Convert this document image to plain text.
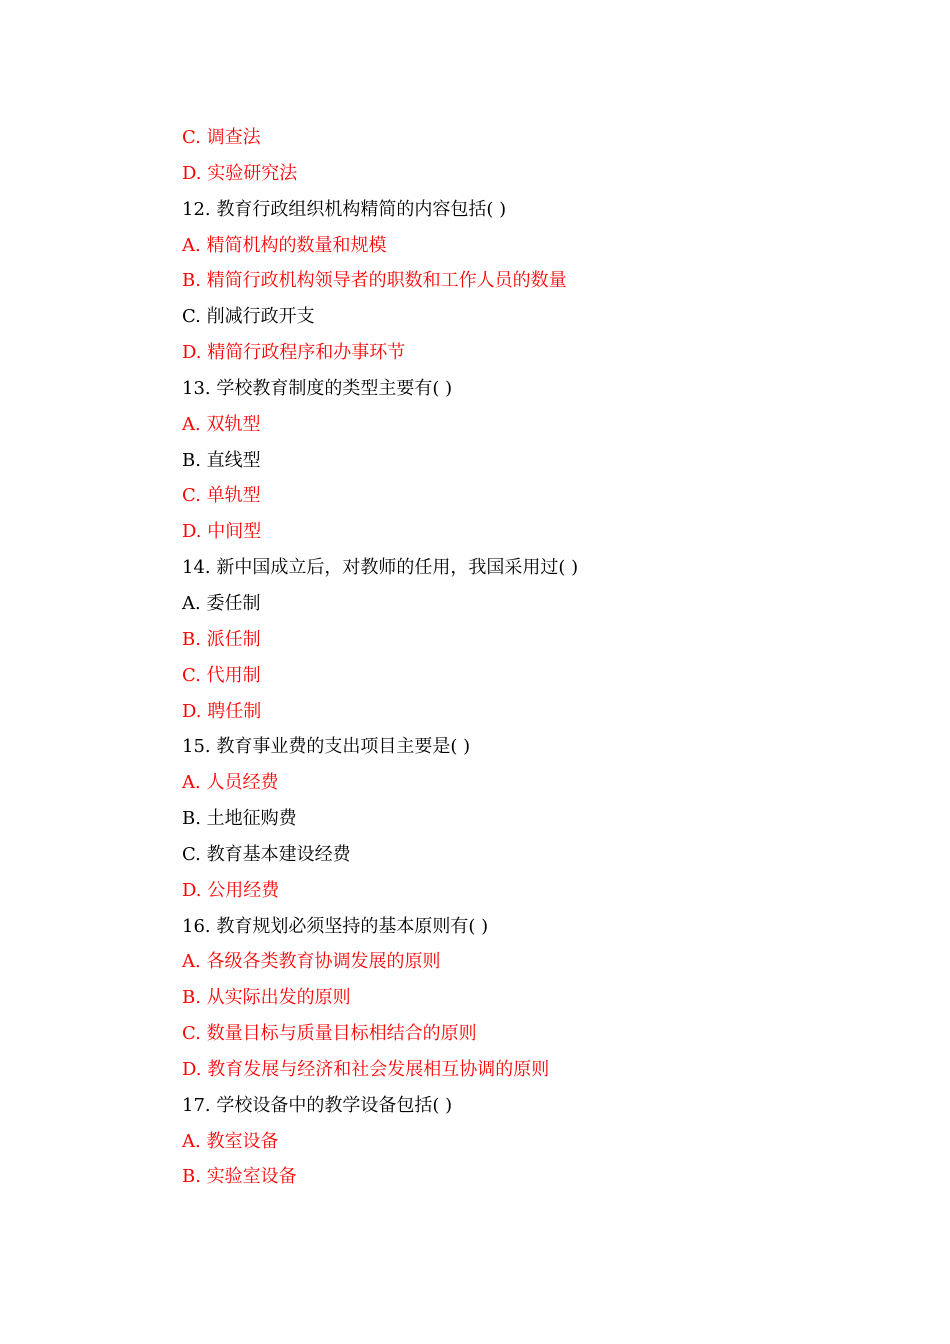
C. 调查法
D. 实验研究法
12. 教育行政组织机构精简的内容包括( )
A. 精简机构的数量和规模
B. 精简行政机构领导者的职数和工作人员的数量
C. 削减行政开支
D. 精简行政程序和办事环节
13. 学校教育制度的类型主要有( )
A. 双轨型
B. 直线型
C. 单轨型
D. 中间型
14. 新中国成立后，对教师的任用，我国采用过( )
A. 委任制
B. 派任制
C. 代用制
D. 聘任制
15. 教育事业费的支出项目主要是( )
A. 人员经费
B. 土地征购费
C. 教育基本建设经费
D. 公用经费
16. 教育规划必须坚持的基本原则有( )
A. 各级各类教育协调发展的原则
B. 从实际出发的原则
C. 数量目标与质量目标相结合的原则
D. 教育发展与经济和社会发展相互协调的原则
17. 学校设备中的教学设备包括( )
A. 教室设备
B. 实验室设备
